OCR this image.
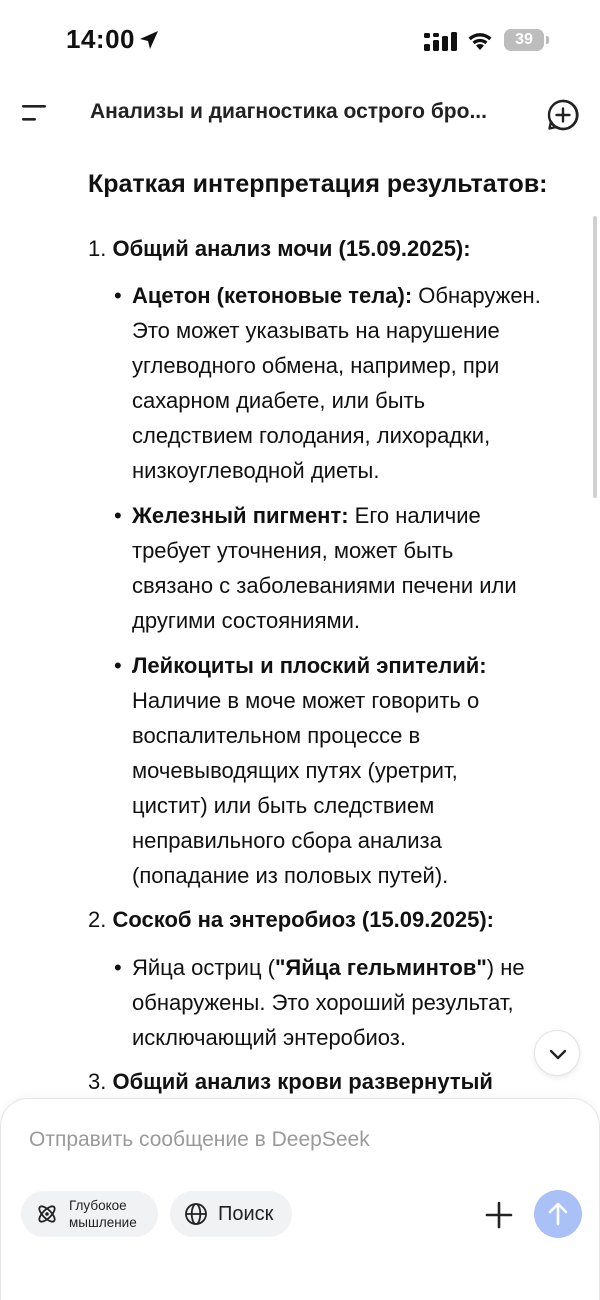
14:00	39
Анализы и диагностика острого бро...
Краткая интерпретация результатов:
1. Общий анализ мочи (15.09.2025):
• Ацетон (кетоновые тела): Обнаружен.
Это может указывать на нарушение
углеводного обмена, например, при
сахарном диабете, или быть
следствием голодания, лихорадки,
низкоуглеводной диеты.
• Железный пигмент: Его наличие
требует уточнения, может быть
связано с заболеваниями печени или
другими состояниями.
• Лейкоциты и плоский эпителий:
Наличие в моче может говорить о
воспалительном процессе в
мочевыводящих путях (уретрит,
цистит) или быть следствием
неправильного сбора анализа
(попадание из половых путей).
2. Соскоб на энтеробиоз (15.09.2025):
• Яйца остриц ("Яйца гельминтов") не
обнаружены. Это хороший результат,
исключающий энтеробиоз.
3. Общий анализ крови развернутый
Отправить сообщение в DeepSeek
Глубокое
мышление	Поиск
